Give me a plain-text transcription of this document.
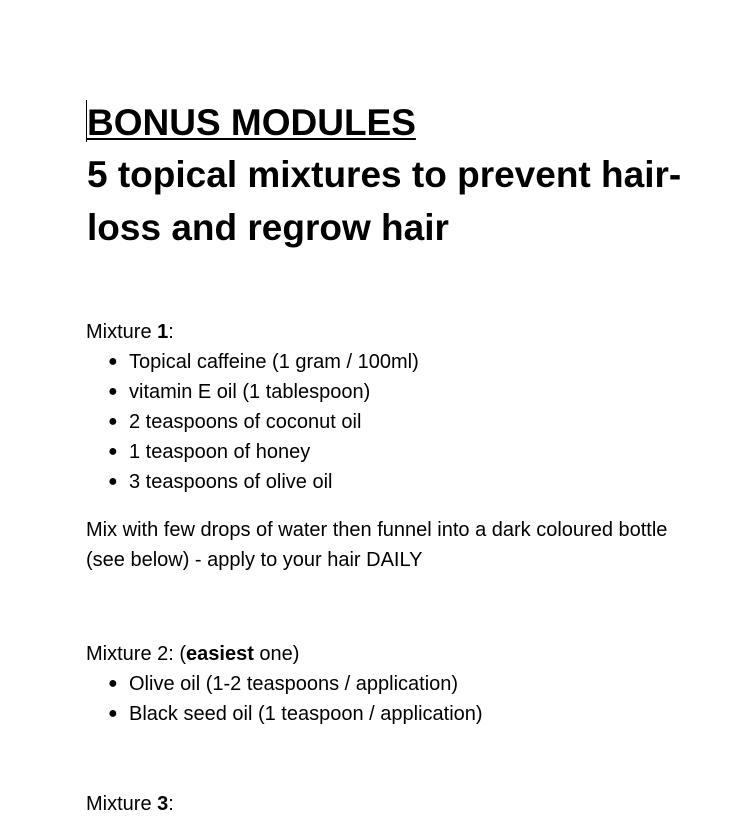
BONUS MODULES
5 topical mixtures to prevent hair-loss and regrow hair

Mixture 1:

● Topical caffeine (1 gram / 100ml)
● vitamin E oil (1 tablespoon)
● 2 teaspoons of coconut oil
● 1 teaspoon of honey
● 3 teaspoons of olive oil

Mix with few drops of water then funnel into a dark coloured bottle (see below) - apply to your hair DAILY

Mixture 2: (easiest one)

● Olive oil (1-2 teaspoons / application)
● Black seed oil (1 teaspoon / application)

Mixture 3:
